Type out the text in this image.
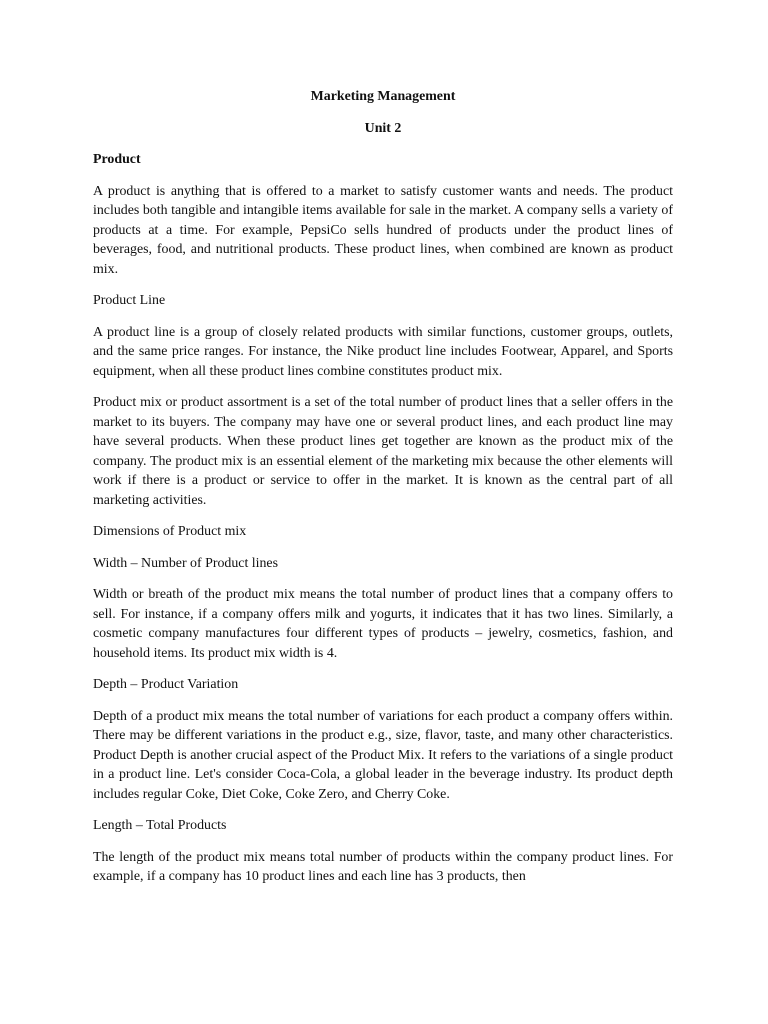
Marketing Management
Unit 2
Product
A product is anything that is offered to a market to satisfy customer wants and needs. The product includes both tangible and intangible items available for sale in the market. A company sells a variety of products at a time. For example, PepsiCo sells hundred of products under the product lines of beverages, food, and nutritional products. These product lines, when combined are known as product mix.
Product Line
A product line is a group of closely related products with similar functions, customer groups, outlets, and the same price ranges. For instance, the Nike product line includes Footwear, Apparel, and Sports equipment, when all these product lines combine constitutes product mix.
Product mix or product assortment is a set of the total number of product lines that a seller offers in the market to its buyers. The company may have one or several product lines, and each product line may have several products. When these product lines get together are known as the product mix of the company. The product mix is an essential element of the marketing mix because the other elements will work if there is a product or service to offer in the market. It is known as the central part of all marketing activities.
Dimensions of Product mix
Width – Number of Product lines
Width or breath of the product mix means the total number of product lines that a company offers to sell. For instance, if a company offers milk and yogurts, it indicates that it has two lines. Similarly, a cosmetic company manufactures four different types of products – jewelry, cosmetics, fashion, and household items. Its product mix width is 4.
Depth – Product Variation
Depth of a product mix means the total number of variations for each product a company offers within. There may be different variations in the product e.g., size, flavor, taste, and many other characteristics. Product Depth is another crucial aspect of the Product Mix. It refers to the variations of a single product in a product line. Let's consider Coca-Cola, a global leader in the beverage industry. Its product depth includes regular Coke, Diet Coke, Coke Zero, and Cherry Coke.
Length – Total Products
The length of the product mix means total number of products within the company product lines. For example, if a company has 10 product lines and each line has 3 products, then
